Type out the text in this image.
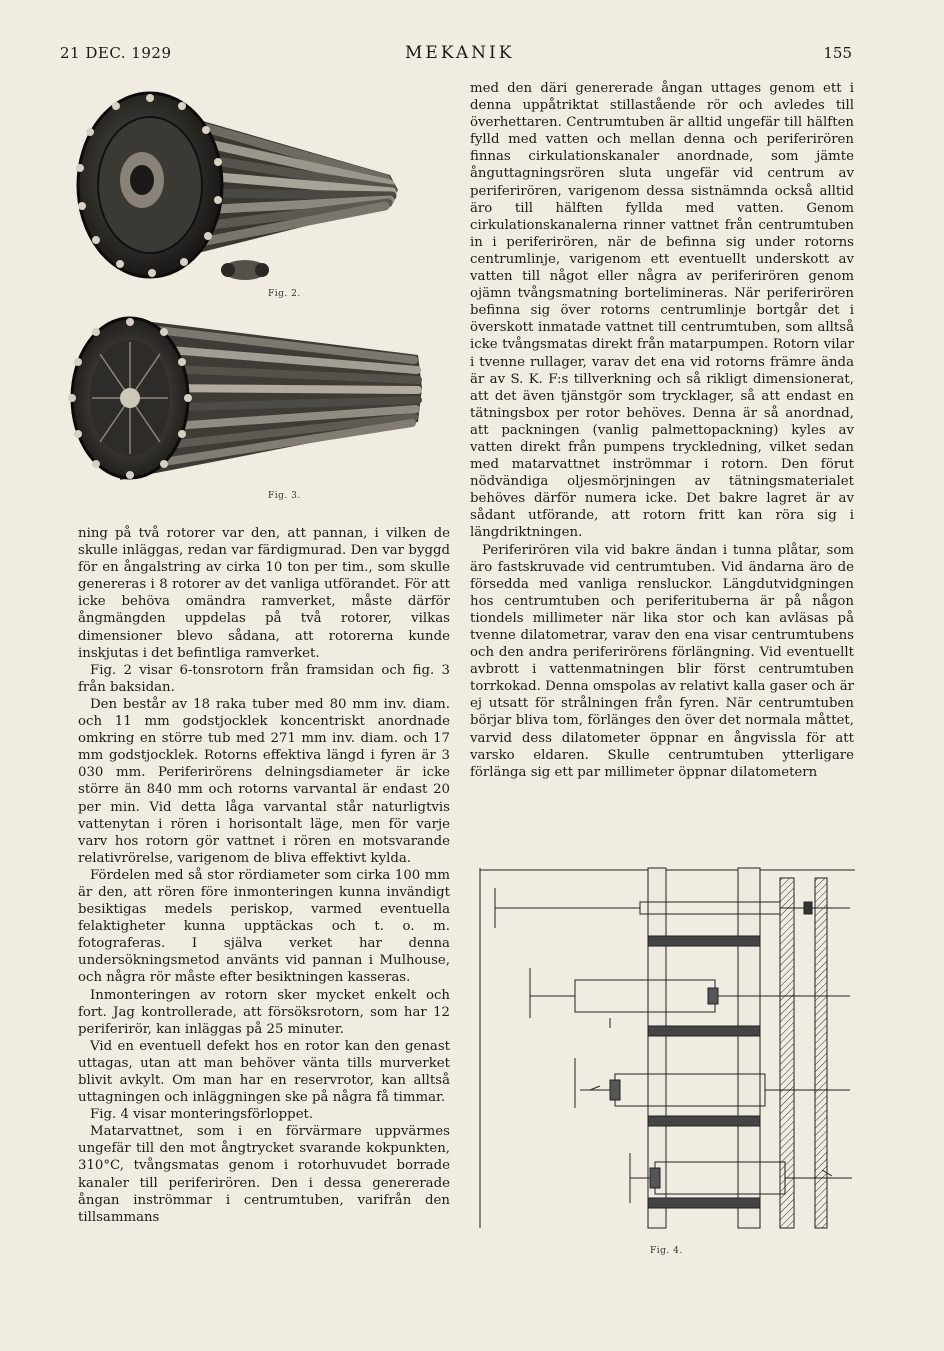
21 DEC. 1929	MEKANIK	155
Fig. 2.
Fig. 3.

ning på två rotorer var den, att pannan, i vilken de skulle inläggas, redan var färdigmurad. Den var byggd för en ångalstring av cirka 10 ton per tim., som skulle genereras i 8 rotorer av det vanliga utförandet. För att icke behöva omändra ramverket, måste därför ångmängden uppdelas på två rotorer, vilkas dimensioner blevo sådana, att rotorerna kunde inskjutas i det befintliga ramverket.

Fig. 2 visar 6-tonsrotorn från framsidan och fig. 3 från baksidan.

Den består av 18 raka tuber med 80 mm inv. diam. och 11 mm godstjocklek koncentriskt anordnade omkring en större tub med 271 mm inv. diam. och 17 mm godstjocklek. Rotorns effektiva längd i fyren är 3 030 mm. Periferirörens delningsdiameter är icke större än 840 mm och rotorns varvantal är endast 20 per min. Vid detta låga varvantal står naturligtvis vattenytan i rören i horisontalt läge, men för varje varv hos rotorn gör vattnet i rören en motsvarande relativrörelse, varigenom de bliva effektivt kylda.

Fördelen med så stor rördiameter som cirka 100 mm är den, att rören före inmonteringen kunna invändigt besiktigas medels periskop, varmed eventuella felaktigheter kunna upptäckas och t. o. m. fotograferas. I själva verket har denna undersökningsmetod använts vid pannan i Mulhouse, och några rör måste efter besiktningen kasseras.

Inmonteringen av rotorn sker mycket enkelt och fort. Jag kontrollerade, att försöksrotorn, som har 12 periferirör, kan inläggas på 25 minuter.

Vid en eventuell defekt hos en rotor kan den genast uttagas, utan att man behöver vänta tills murverket blivit avkylt. Om man har en reservrotor, kan alltså uttagningen och inläggningen ske på några få timmar.

Fig. 4 visar monteringsförloppet.

Matarvattnet, som i en förvärmare uppvärmes ungefär till den mot ångtrycket svarande kokpunkten, 310°C, tvångsmatas genom i rotorhuvudet borrade kanaler till periferirören. Den i dessa genererade ångan inströmmar i centrumtuben, varifrån den tillsammans

med den däri genererade ångan uttages genom ett i denna uppåtriktat stillastående rör och avledes till överhettaren. Centrumtuben är alltid ungefär till hälften fylld med vatten och mellan denna och periferirören finnas cirkulationskanaler anordnade, som jämte ånguttagningsrören sluta ungefär vid centrum av periferirören, varigenom dessa sistnämnda också alltid äro till hälften fyllda med vatten. Genom cirkulationskanalerna rinner vattnet från centrumtuben in i periferirören, när de befinna sig under rotorns centrumlinje, varigenom ett eventuellt underskott av vatten till något eller några av periferirören genom ojämn tvångsmatning bortelimineras. När periferirören befinna sig över rotorns centrumlinje bortgår det i överskott inmatade vattnet till centrumtuben, som alltså icke tvångsmatas direkt från matarpumpen. Rotorn vilar i tvenne rullager, varav det ena vid rotorns främre ända är av S. K. F:s tillverkning och så rikligt dimensionerat, att det även tjänstgör som trycklager, så att endast en tätningsbox per rotor behöves. Denna är så anordnad, att packningen (vanlig palmettopackning) kyles av vatten direkt från pumpens tryckledning, vilket sedan med matarvattnet inströmmar i rotorn. Den förut nödvändiga oljesmörjningen av tätningsmaterialet behöves därför numera icke. Det bakre lagret är av sådant utförande, att rotorn fritt kan röra sig i längdriktningen.

Periferirören vila vid bakre ändan i tunna plåtar, som äro fastskruvade vid centrumtuben. Vid ändarna äro de försedda med vanliga rensluckor. Längdutvidgningen hos centrumtuben och periferituberna är på någon tiondels millimeter när lika stor och kan avläsas på tvenne dilatometrar, varav den ena visar centrumtubens och den andra periferirörens förlängning. Vid eventuellt avbrott i vattenmatningen blir först centrumtuben torrkokad. Denna omspolas av relativt kalla gaser och är ej utsatt för strålningen från fyren. När centrumtuben börjar bliva tom, förlänges den över det normala måttet, varvid dess dilatometer öppnar en ångvissla för att varsko eldaren. Skulle centrumtuben ytterligare förlänga sig ett par millimeter öppnar dilatometern

Fig. 4.
